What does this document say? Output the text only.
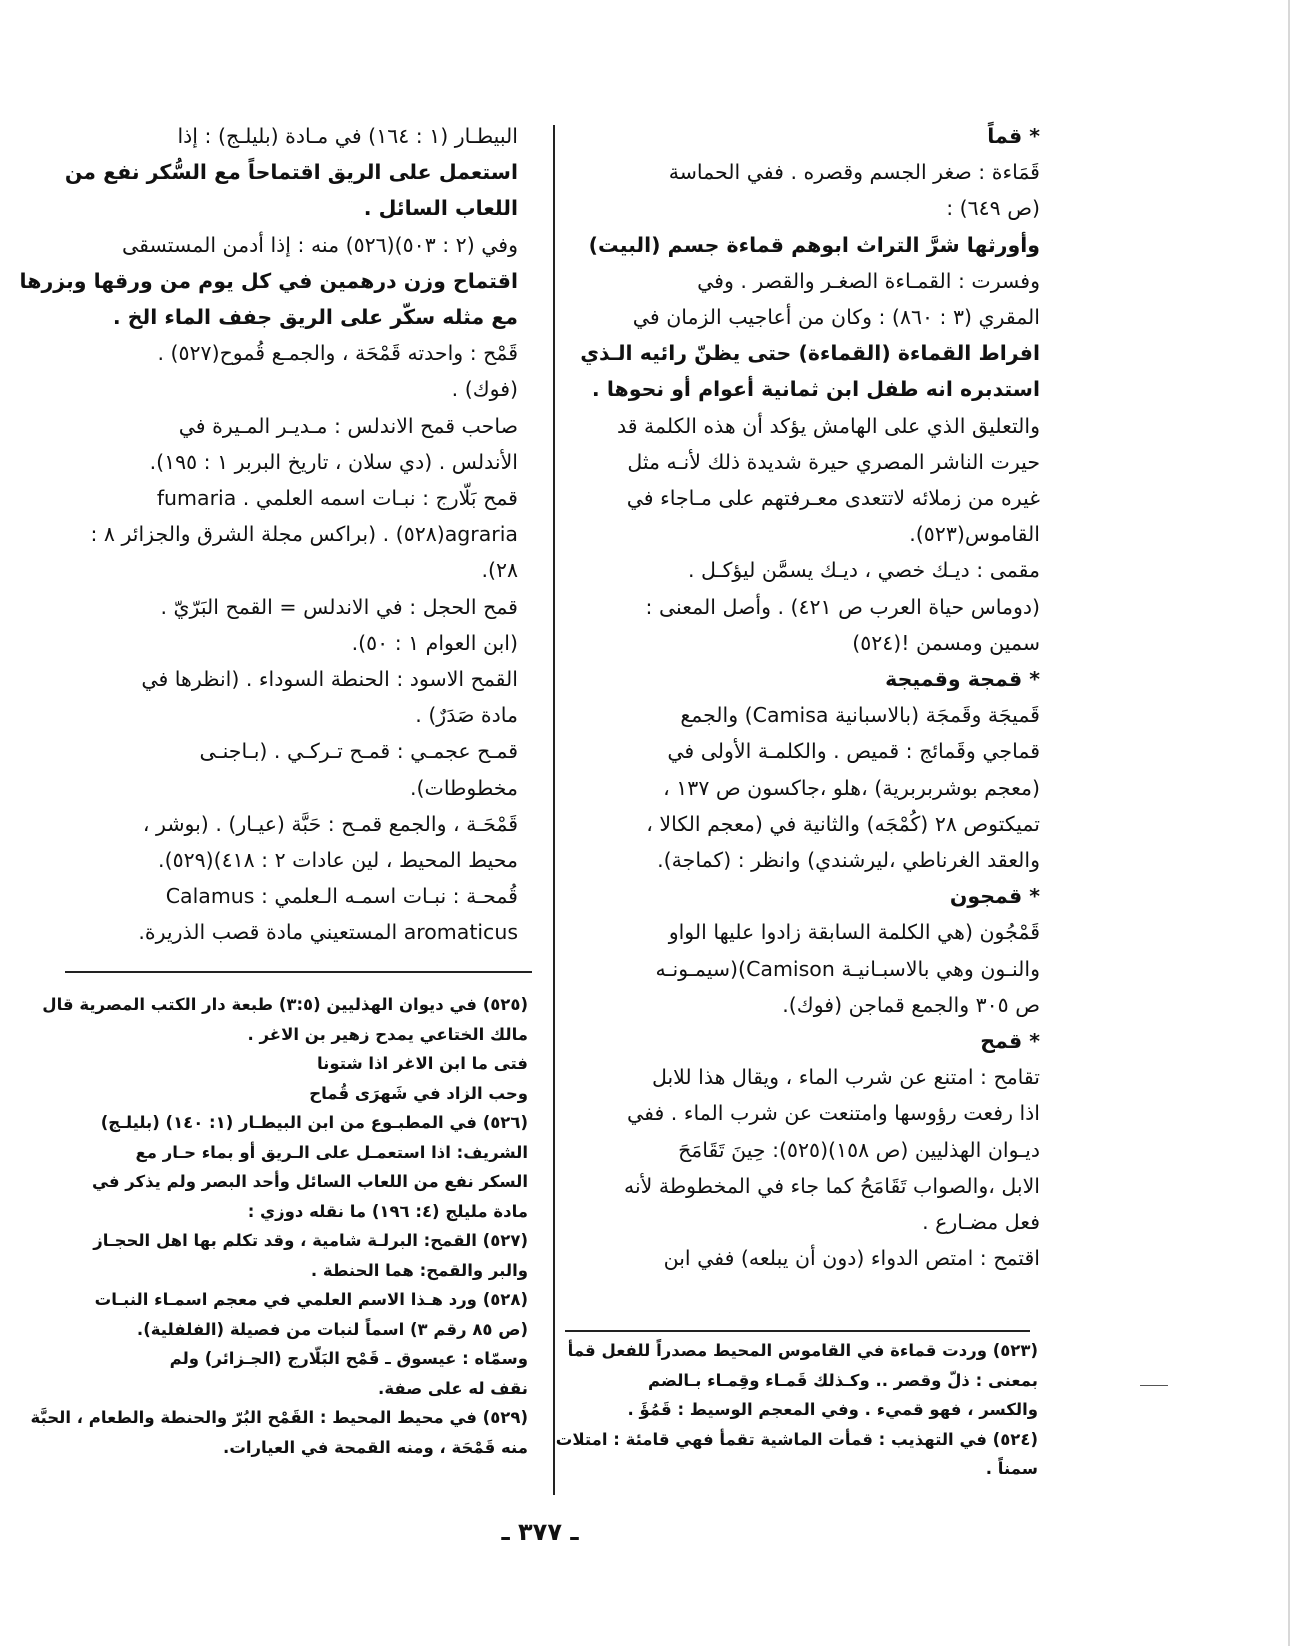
* قماً
قَمَاءة : صغر الجسم وقصره . ففي الحماسة
(ص ٦٤٩) :
وأورثها شرَّ التراث ابوهم قماءة جسم (البيت)
وفسرت : القمـاءة الصغـر والقصر . وفي
المقري (٣ : ٨٦٠) : وكان من أعاجيب الزمان في
افراط القماءة (القماءة) حتى يظنّ رائيه الـذي
استدبره انه طفل ابن ثمانية أعوام أو نحوها .
والتعليق الذي على الهامش يؤكد أن هذه الكلمة قد
حيرت الناشر المصري حيرة شديدة ذلك لأنـه مثل
غيره من زملائه لاتتعدى معـرفتهم على مـاجاء في
القاموس(٥٢٣).
مقمى : ديـك خصي ، ديـك يسمَّن ليؤكـل .
(دوماس حياة العرب ص ٤٢١) . وأصل المعنى :
سمين ومسمن !(٥٢٤)
* قمجة وقميجة
قَميجَة وقَمجَة (بالاسبانية Camisa) والجمع
قماجي وقَمائج : قميص . والكلمـة الأولى في
(معجم بوشربربرية) ،هلو ،جاكسون ص ١٣٧ ،
تميكتوص ٢٨ (كُمْجَه) والثانية في (معجم الكالا ،
والعقد الغرناطي ،ليرشندي) وانظر : (كماجة).
* قمجون
قَمْجُون (هي الكلمة السابقة زادوا عليها الواو
والنـون وهي بالاسبـانيـة Camison)(سيمـونـه
ص ٣٠٥ والجمع قماجن (فوك).
* قمح
تقامح : امتنع عن شرب الماء ، ويقال هذا للابل
اذا رفعت رؤوسها وامتنعت عن شرب الماء . ففي
ديـوان الهذليين (ص ١٥٨)(٥٢٥): حِينَ تَقَامَحَ
الابل ،والصواب تَقَامَحُ كما جاء في المخطوطة لأنه
فعل مضـارع .
اقتمح : امتص الدواء (دون أن يبلعه) ففي ابن
البيطـار (١ : ١٦٤) في مـادة (بليلـج) : إذا
استعمل على الريق اقتماحاً مع السُّكر نفع من
اللعاب السائل .
وفي (٢ : ٥٠٣)(٥٢٦) منه : إذا أدمن المستسقى
اقتماح وزن درهمين في كل يوم من ورقها وبزرها
مع مثله سكّر على الريق جفف الماء الخ .
قَمْح : واحدته قَمْحَة ، والجمـع قُموح(٥٢٧) .
(فوك) .
صاحب قمح الاندلس : مـديـر المـيرة في
الأندلس . (دي سلان ، تاريخ البربر ١ : ١٩٥).
قمح بَلّارج : نبـات اسمه العلمي . fumaria
agraria(٥٢٨) . (براكس مجلة الشرق والجزائر ٨ :
٢٨).
قمح الحجل : في الاندلس = القمح البَرّيّ .
(ابن العوام ١ : ٥٠).
القمح الاسود : الحنطة السوداء . (انظرها في
مادة صَدَرٌ) .
قمـح عجمـي : قمـح تـركـي . (بـاجنـى
مخطوطات).
قَمْحَـة ، والجمع قمـح : حَبَّة (عيـار) . (بوشر ،
محيط المحيط ، لين عادات ٢ : ٤١٨)(٥٢٩).
قُمحـة : نبـات اسمـه الـعلمي : Calamus
aromaticus المستعيني مادة قصب الذريرة.
(٥٢٥) في ديوان الهذليين (٣:٥) طبعة دار الكتب المصرية قال
مالك الختاعي يمدح زهير بن الاغر .
فتى ما ابن الاغر اذا شتونا
وحب الزاد في شَهرَى قُماح
(٥٢٦) في المطبـوع من ابن البيطـار (١: ١٤٠) (بليلـج)
الشريف: اذا استعمـل على الـريق أو بماء حـار مع
السكر نفع من اللعاب السائل وأحد البصر ولم يذكر في
مادة مليلج (٤: ١٩٦) ما نقله دوزي :
(٥٢٧) القمح: البرلـة شامية ، وقد تكلم بها اهل الحجـاز
والبر والقمح: هما الحنطة .
(٥٢٨) ورد هـذا الاسم العلمي في معجم اسمـاء النبـات
(ص ٨٥ رقم ٣) اسماً لنبات من فصيلة (الفلفلية).
وسمّاه : عيسوق ـ قَمْح البَلّارج (الجـزائر) ولم
نقف له على صفة.
(٥٢٩) في محيط المحيط : القَمْح البُرّ والحنطة والطعام ، الحبَّة
منه قَمْحَة ، ومنه القمحة في العيارات.
(٥٢٣) وردت قماءة في القاموس المحيط مصدراً للفعل قمأ
بمعنى : ذلّ وقصر .. وكـذلك قَمـاء وقِمـاء بـالضم
والكسر ، فهو قميء . وفي المعجم الوسيط : قَمُؤَ .
(٥٢٤) في التهذيب : قمأت الماشية تقمأ فهي قامئة : امتلات
سمناً .
ـ ٣٧٧ ـ
